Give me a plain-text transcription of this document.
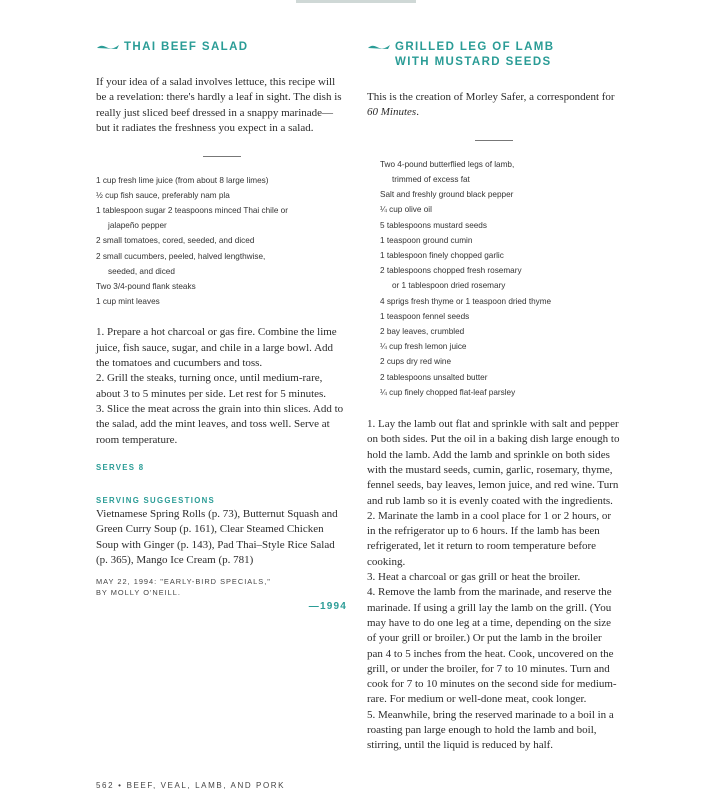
THAI BEEF SALAD

If your idea of a salad involves lettuce, this recipe will be a revelation: there's hardly a leaf in sight. The dish is really just sliced beef dressed in a snappy marinade—but it radiates the freshness you expect in a salad.

1 cup fresh lime juice (from about 8 large limes)
½ cup fish sauce, preferably nam pla
1 tablespoon sugar 2 teaspoons minced Thai chile or
jalapeño pepper
2 small tomatoes, cored, seeded, and diced
2 small cucumbers, peeled, halved lengthwise,
seeded, and diced
Two 3/4-pound flank steaks
1 cup mint leaves

1. Prepare a hot charcoal or gas fire. Combine the lime juice, fish sauce, sugar, and chile in a large bowl. Add the tomatoes and cucumbers and toss.

2. Grill the steaks, turning once, until medium-rare, about 3 to 5 minutes per side. Let rest for 5 minutes.

3. Slice the meat across the grain into thin slices. Add to the salad, add the mint leaves, and toss well. Serve at room temperature.

SERVES 8
SERVING SUGGESTIONS

Vietnamese Spring Rolls (p. 73), Butternut Squash and Green Curry Soup (p. 161), Clear Steamed Chicken Soup with Ginger (p. 143), Pad Thai–Style Rice Salad (p. 365), Mango Ice Cream (p. 781)

MAY 22, 1994: "EARLY-BIRD SPECIALS,"
BY MOLLY O'NEILL.
—1994
GRILLED LEG OF LAMB
WITH MUSTARD SEEDS

This is the creation of Morley Safer, a correspondent for 60 Minutes.

Two 4-pound butterflied legs of lamb,
trimmed of excess fat
Salt and freshly ground black pepper
¼ cup olive oil
5 tablespoons mustard seeds
1 teaspoon ground cumin
1 tablespoon finely chopped garlic
2 tablespoons chopped fresh rosemary
or 1 tablespoon dried rosemary
4 sprigs fresh thyme or 1 teaspoon dried thyme
1 teaspoon fennel seeds
2 bay leaves, crumbled
¼ cup fresh lemon juice
2 cups dry red wine
2 tablespoons unsalted butter
¼ cup finely chopped flat-leaf parsley

1. Lay the lamb out flat and sprinkle with salt and pepper on both sides. Put the oil in a baking dish large enough to hold the lamb. Add the lamb and sprinkle on both sides with the mustard seeds, cumin, garlic, rosemary, thyme, fennel seeds, bay leaves, lemon juice, and red wine. Turn and rub lamb so it is evenly coated with the ingredients.

2. Marinate the lamb in a cool place for 1 or 2 hours, or in the refrigerator up to 6 hours. If the lamb has been refrigerated, let it return to room temperature before cooking.

3. Heat a charcoal or gas grill or heat the broiler.

4. Remove the lamb from the marinade, and reserve the marinade. If using a grill lay the lamb on the grill. (You may have to do one leg at a time, depending on the size of your grill or broiler.) Or put the lamb in the broiler pan 4 to 5 inches from the heat. Cook, uncovered on the grill, or under the broiler, for 7 to 10 minutes. Turn and cook for 7 to 10 minutes on the second side for medium-rare. For medium or well-done meat, cook longer.

5. Meanwhile, bring the reserved marinade to a boil in a roasting pan large enough to hold the lamb and boil, stirring, until the liquid is reduced by half.

562 • BEEF, VEAL, LAMB, AND PORK
